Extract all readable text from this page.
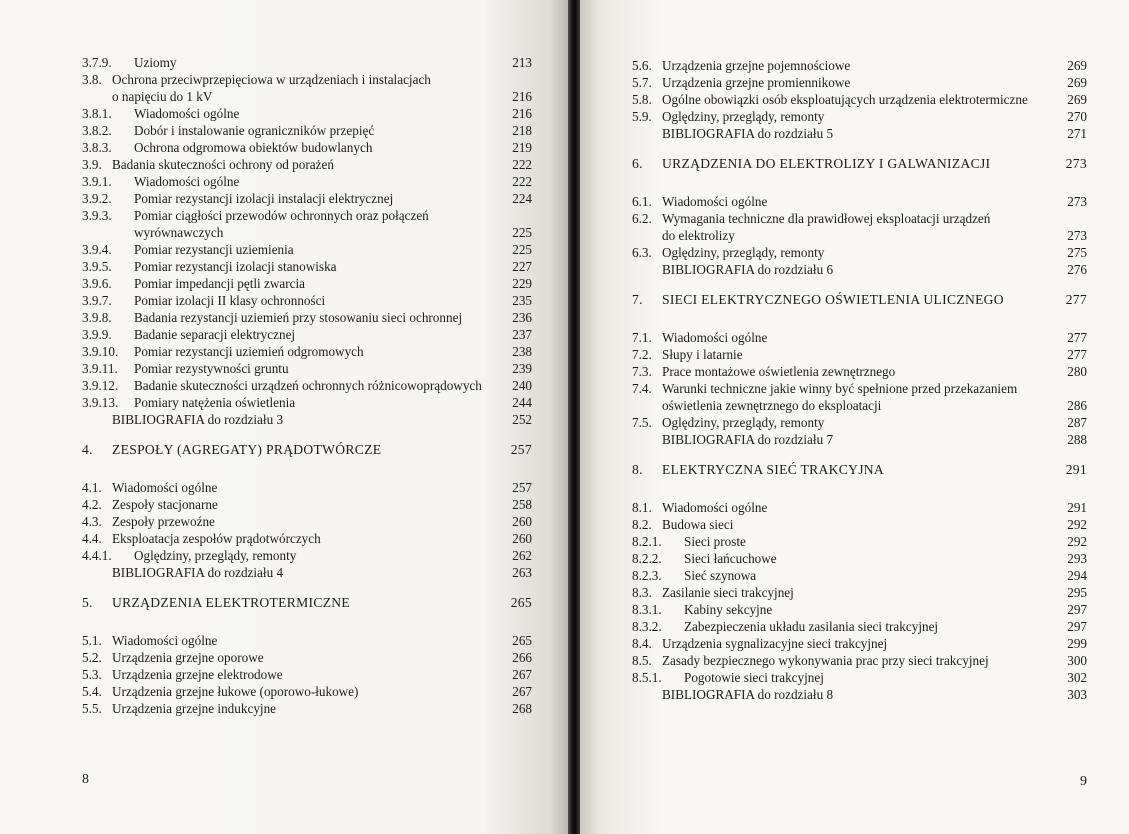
3.7.9.	Uziomy	213
3.8. Ochrona przeciwprzepięciowa w urządzeniach i instalacjach
o napięciu do 1 kV	216
3.8.1.	Wiadomości ogólne	216
3.8.2.	Dobór i instalowanie ograniczników przepięć	218
3.8.3.	Ochrona odgromowa obiektów budowlanych	219
3.9. Badania skuteczności ochrony od porażeń	222
3.9.1.	Wiadomości ogólne	222
3.9.2.	Pomiar rezystancji izolacji instalacji elektrycznej	224
3.9.3.	Pomiar ciągłości przewodów ochronnych oraz połączeń
wyrównawczych	225
3.9.4.	Pomiar rezystancji uziemienia	225
3.9.5.	Pomiar rezystancji izolacji stanowiska	227
3.9.6.	Pomiar impedancji pętli zwarcia	229
3.9.7.	Pomiar izolacji II klasy ochronności	235
3.9.8.	Badania rezystancji uziemień przy stosowaniu sieci ochronnej	236
3.9.9.	Badanie separacji elektrycznej	237
3.9.10.	Pomiar rezystancji uziemień odgromowych	238
3.9.11.	Pomiar rezystywności gruntu	239
3.9.12.	Badanie skuteczności urządzeń ochronnych różnicowoprądowych	240
3.9.13.	Pomiary natężenia oświetlenia	244
BIBLIOGRAFIA do rozdziału 3	252
4.	ZESPOŁY (AGREGATY) PRĄDOTWÓRCZE	257
4.1. Wiadomości ogólne	257
4.2. Zespoły stacjonarne	258
4.3. Zespoły przewoźne	260
4.4. Eksploatacja zespołów prądotwórczych	260
4.4.1.	Oględziny, przeglądy, remonty	262
BIBLIOGRAFIA do rozdziału 4	263
5.	URZĄDZENIA ELEKTROTERMICZNE	265
5.1. Wiadomości ogólne	265
5.2. Urządzenia grzejne oporowe	266
5.3. Urządzenia grzejne elektrodowe	267
5.4. Urządzenia grzejne łukowe (oporowo-łukowe)	267
5.5. Urządzenia grzejne indukcyjne	268
8
5.6. Urządzenia grzejne pojemnościowe	269
5.7. Urządzenia grzejne promiennikowe	269
5.8. Ogólne obowiązki osób eksploatujących urządzenia elektrotermiczne	269
5.9. Oględziny, przeglądy, remonty	270
BIBLIOGRAFIA do rozdziału 5	271
6.	URZĄDZENIA DO ELEKTROLIZY I GALWANIZACJI	273
6.1. Wiadomości ogólne	273
6.2. Wymagania techniczne dla prawidłowej eksploatacji urządzeń
do elektrolizy	273
6.3. Oględziny, przeglądy, remonty	275
BIBLIOGRAFIA do rozdziału 6	276
7.	SIECI ELEKTRYCZNEGO OŚWIETLENIA ULICZNEGO	277
7.1. Wiadomości ogólne	277
7.2. Słupy i latarnie	277
7.3. Prace montażowe oświetlenia zewnętrznego	280
7.4. Warunki techniczne jakie winny być spełnione przed przekazaniem
oświetlenia zewnętrznego do eksploatacji	286
7.5. Oględziny, przeglądy, remonty	287
BIBLIOGRAFIA do rozdziału 7	288
8.	ELEKTRYCZNA SIEĆ TRAKCYJNA	291
8.1. Wiadomości ogólne	291
8.2. Budowa sieci	292
8.2.1.	Sieci proste	292
8.2.2.	Sieci łańcuchowe	293
8.2.3.	Sieć szynowa	294
8.3. Zasilanie sieci trakcyjnej	295
8.3.1.	Kabiny sekcyjne	297
8.3.2.	Zabezpieczenia układu zasilania sieci trakcyjnej	297
8.4. Urządzenia sygnalizacyjne sieci trakcyjnej	299
8.5. Zasady bezpiecznego wykonywania prac przy sieci trakcyjnej	300
8.5.1.	Pogotowie sieci trakcyjnej	302
BIBLIOGRAFIA do rozdziału 8	303
9
